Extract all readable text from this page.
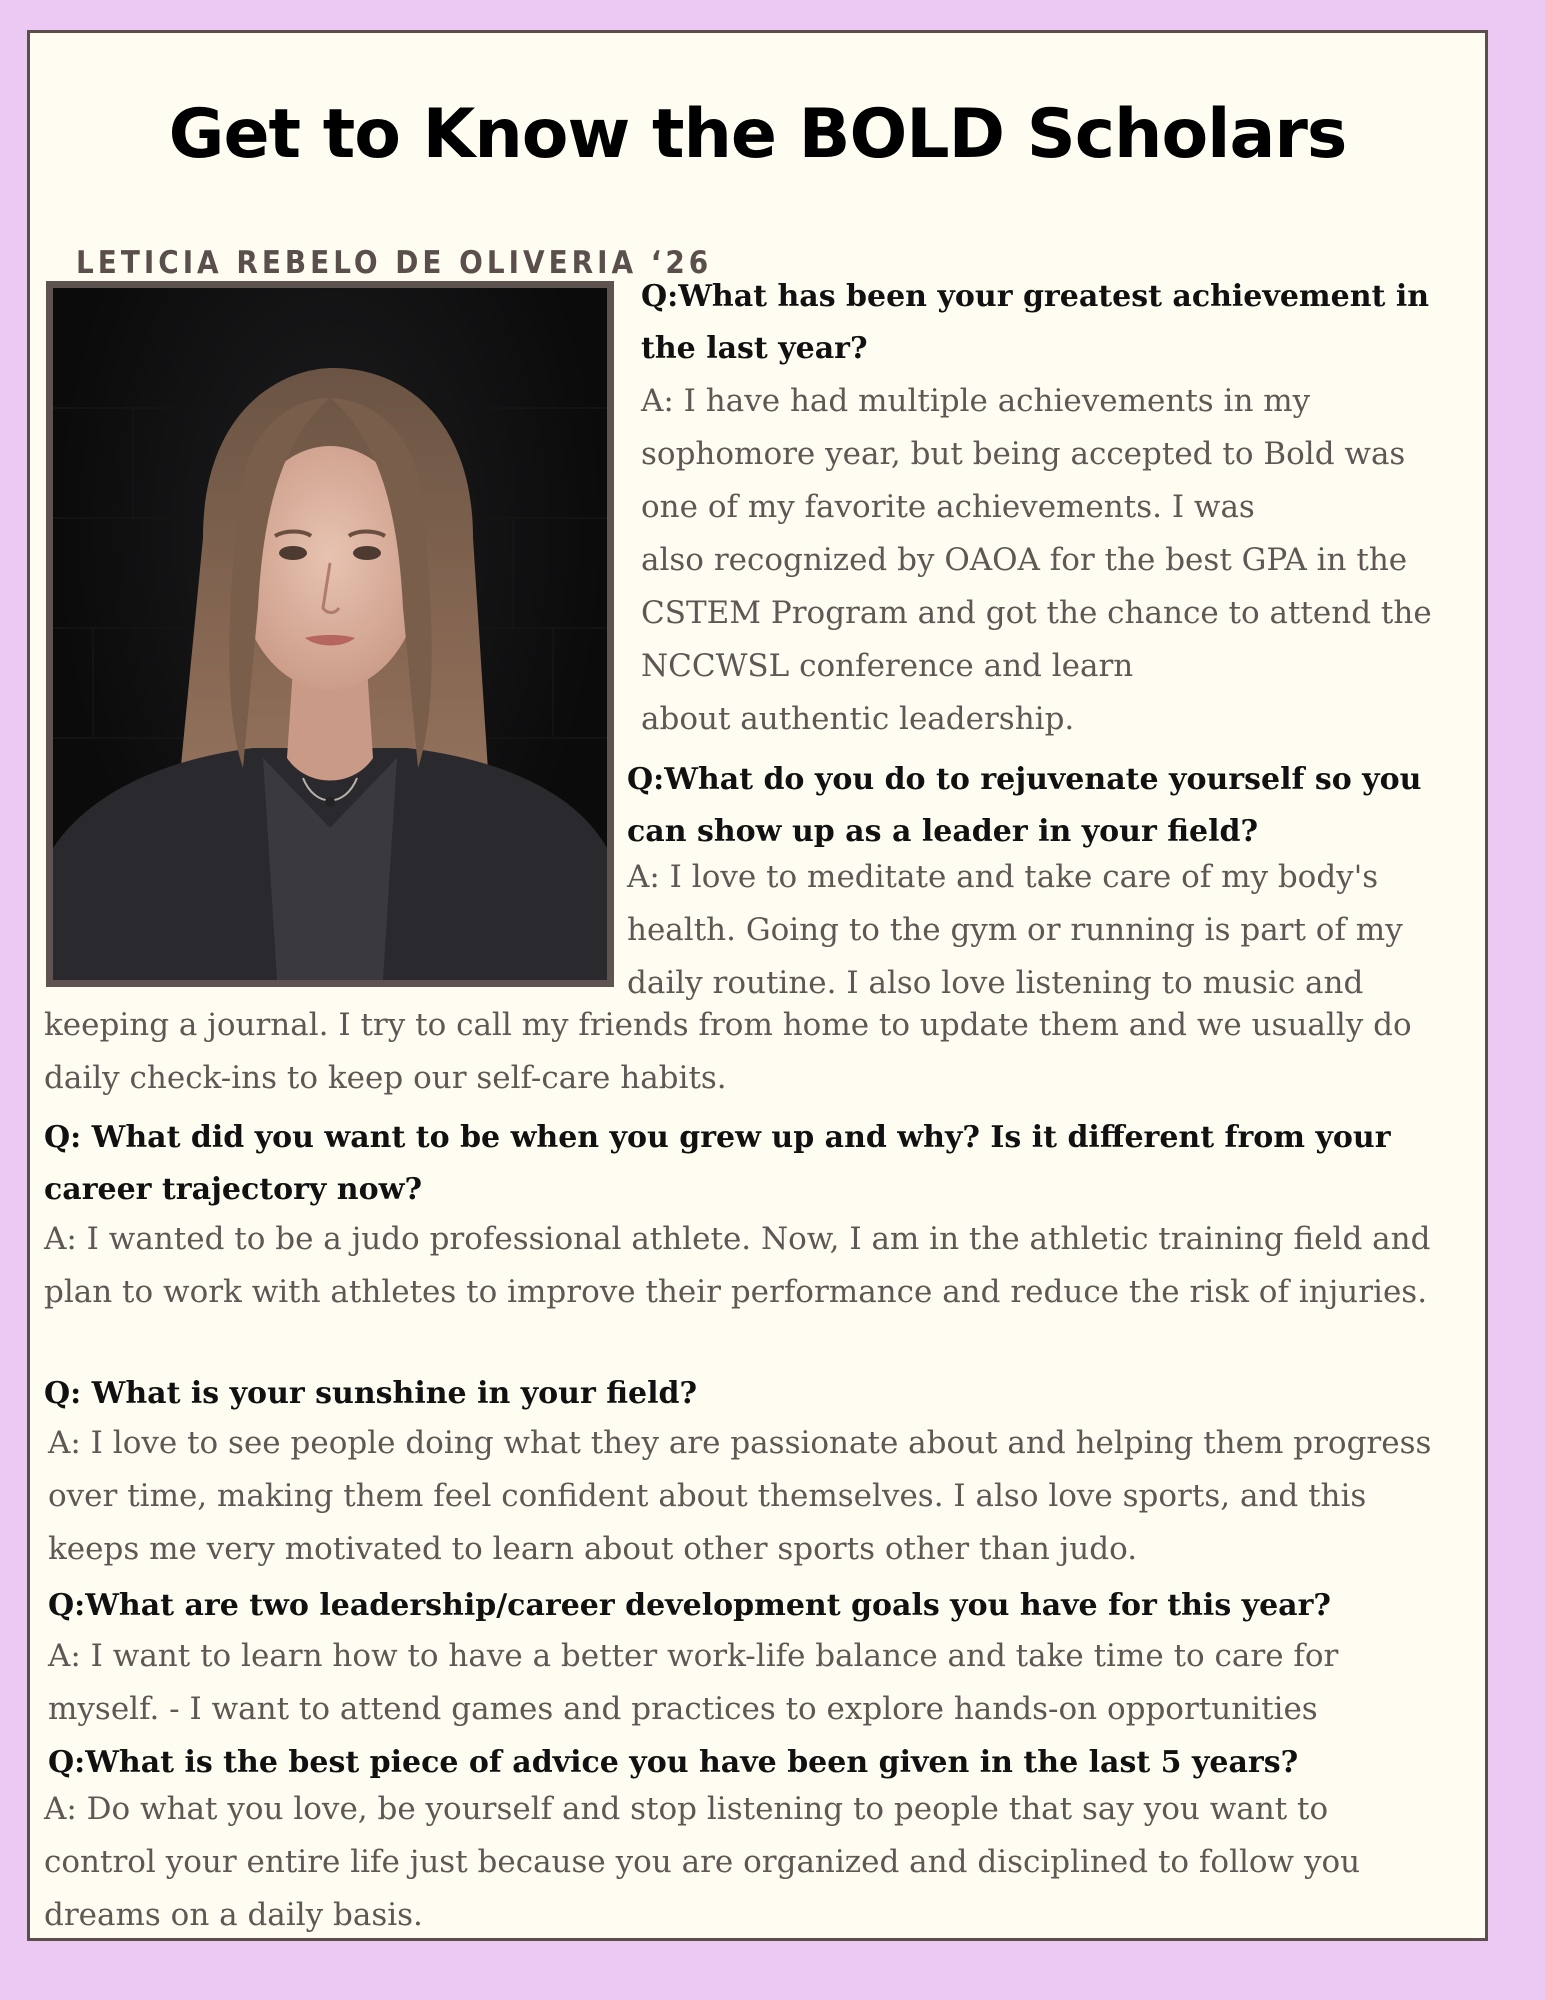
Get to Know the BOLD Scholars
LETICIA REBELO DE OLIVERIA ‘26

Q:What has been your greatest achievement in the last year?

A: I have had multiple achievements in my
sophomore year, but being accepted to Bold was
one of my favorite achievements. I was
also recognized by OAOA for the best GPA in the
CSTEM Program and got the chance to attend the
NCCWSL conference and learn
about authentic leadership.

Q:What do you do to rejuvenate yourself so you can show up as a leader in your field?

A: I love to meditate and take care of my body's
health. Going to the gym or running is part of my
daily routine. I also love listening to music and

keeping a journal. I try to call my friends from home to update them and we usually do daily check-ins to keep our self-care habits.

Q: What did you want to be when you grew up and why? Is it different from your career trajectory now?

A: I wanted to be a judo professional athlete. Now, I am in the athletic training field and plan to work with athletes to improve their performance and reduce the risk of injuries.

Q: What is your sunshine in your field?

A: I love to see people doing what they are passionate about and helping them progress
over time, making them feel confident about themselves. I also love sports, and this
keeps me very motivated to learn about other sports other than judo.

Q:What are two leadership/career development goals you have for this year?

A: I want to learn how to have a better work-life balance and take time to care for
myself. - I want to attend games and practices to explore hands-on opportunities

Q:What is the best piece of advice you have been given in the last 5 years?

A: Do what you love, be yourself and stop listening to people that say you want to
control your entire life just because you are organized and disciplined to follow you
dreams on a daily basis.
